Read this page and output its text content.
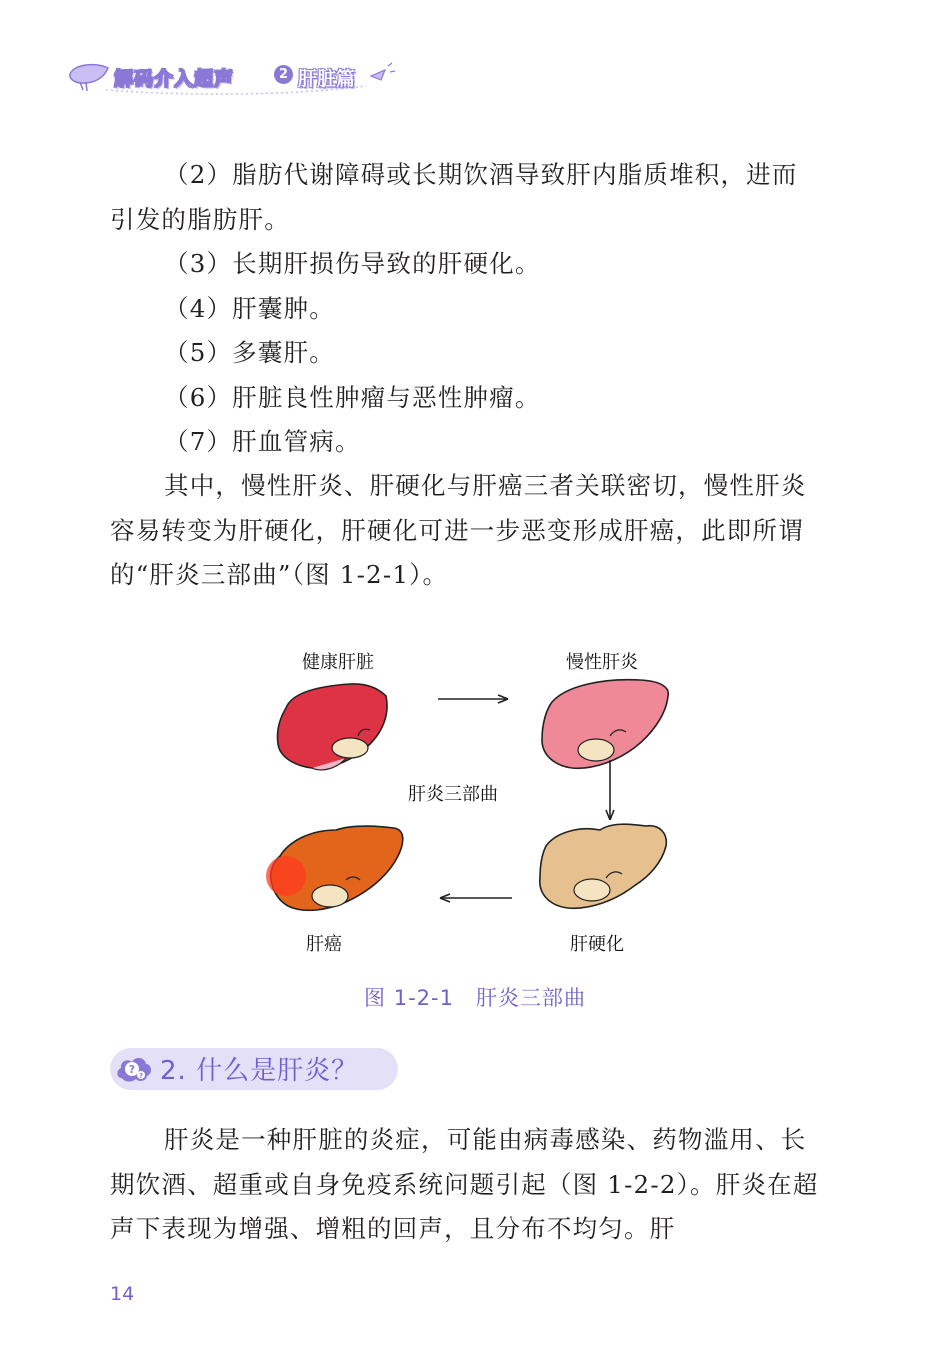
解码介入超声	2 肝脏篇

（2）脂肪代谢障碍或长期饮酒导致肝内脂质堆积，进而引发的脂肪肝。

（3）长期肝损伤导致的肝硬化。

（4）肝囊肿。

（5）多囊肝。

（6）肝脏良性肿瘤与恶性肿瘤。

（7）肝血管病。

其中，慢性肝炎、肝硬化与肝癌三者关联密切，慢性肝炎容易转变为肝硬化，肝硬化可进一步恶变形成肝癌，此即所谓的“肝炎三部曲”（图 1-2-1）。

健康肝脏	慢性肝炎
肝炎三部曲
肝癌	肝硬化
图 1-2-1　肝炎三部曲
? ? 2. 什么是肝炎？

肝炎是一种肝脏的炎症，可能由病毒感染、药物滥用、长期饮酒、超重或自身免疫系统问题引起（图 1-2-2）。肝炎在超声下表现为增强、增粗的回声，且分布不均匀。肝

14
